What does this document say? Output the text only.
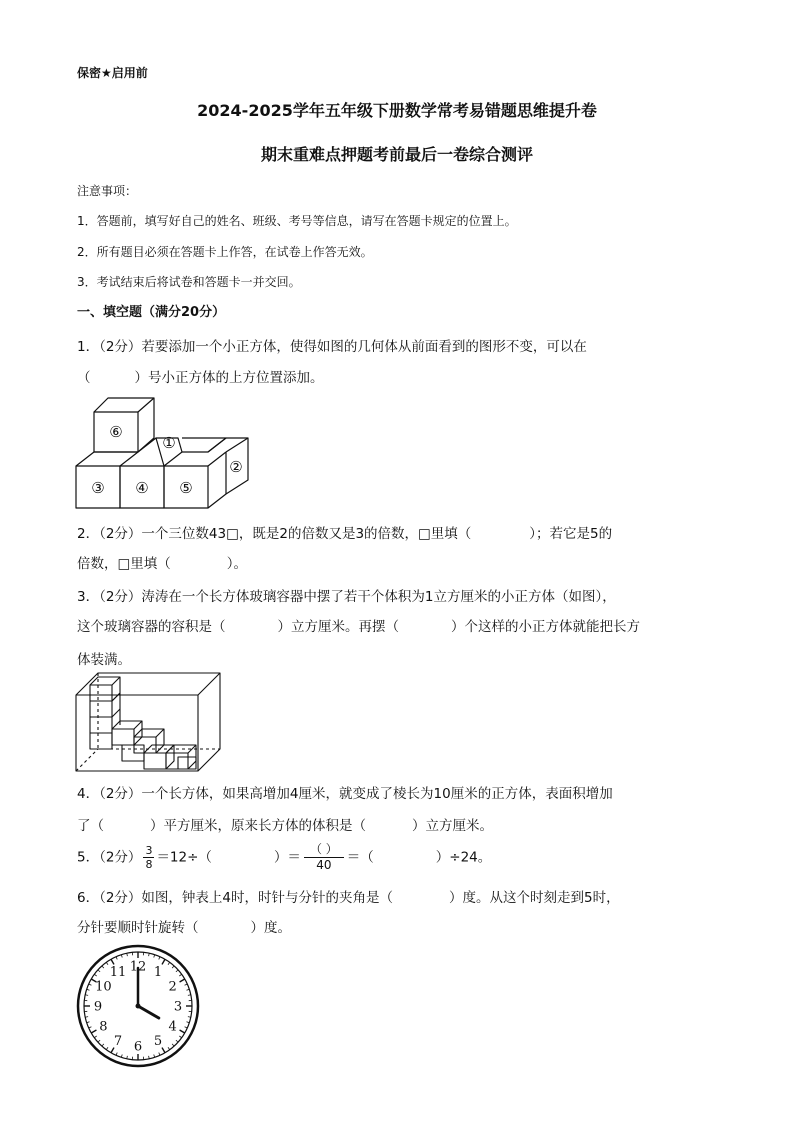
保密★启用前
2024-2025学年五年级下册数学常考易错题思维提升卷
期末重难点押题考前最后一卷综合测评
注意事项：
1．答题前，填写好自己的姓名、班级、考号等信息，请写在答题卡规定的位置上。
2．所有题目必须在答题卡上作答，在试卷上作答无效。
3．考试结束后将试卷和答题卡一并交回。
一、填空题（满分20分）
1．（2分）若要添加一个小正方体，使得如图的几何体从前面看到的图形不变，可以在
（	）号小正方体的上方位置添加。
⑥
①
②
③ ④ ⑤
2．（2分）一个三位数43□，既是2的倍数又是3的倍数，□里填（	）；若它是5的
倍数，□里填（	）。
3．（2分）涛涛在一个长方体玻璃容器中摆了若干个体积为1立方厘米的小正方体（如图），
这个玻璃容器的容积是（	）立方厘米。再摆（	）个这样的小正方体就能把长方
体装满。
4．（2分）一个长方体，如果高增加4厘米，就变成了棱长为10厘米的正方体，表面积增加
了（	）平方厘米，原来长方体的体积是（	）立方厘米。
5．（2分） $\frac{3}{8} =12\div$（	）＝ $\frac{( )}{40}$ ＝（	）÷24。
6．（2分）如图，钟表上4时，时针与分针的夹角是（	）度。从这个时刻走到5时，
分针要顺时针旋转（	）度。
12 1
2
3
4
5
6
7
8
9
10
11
